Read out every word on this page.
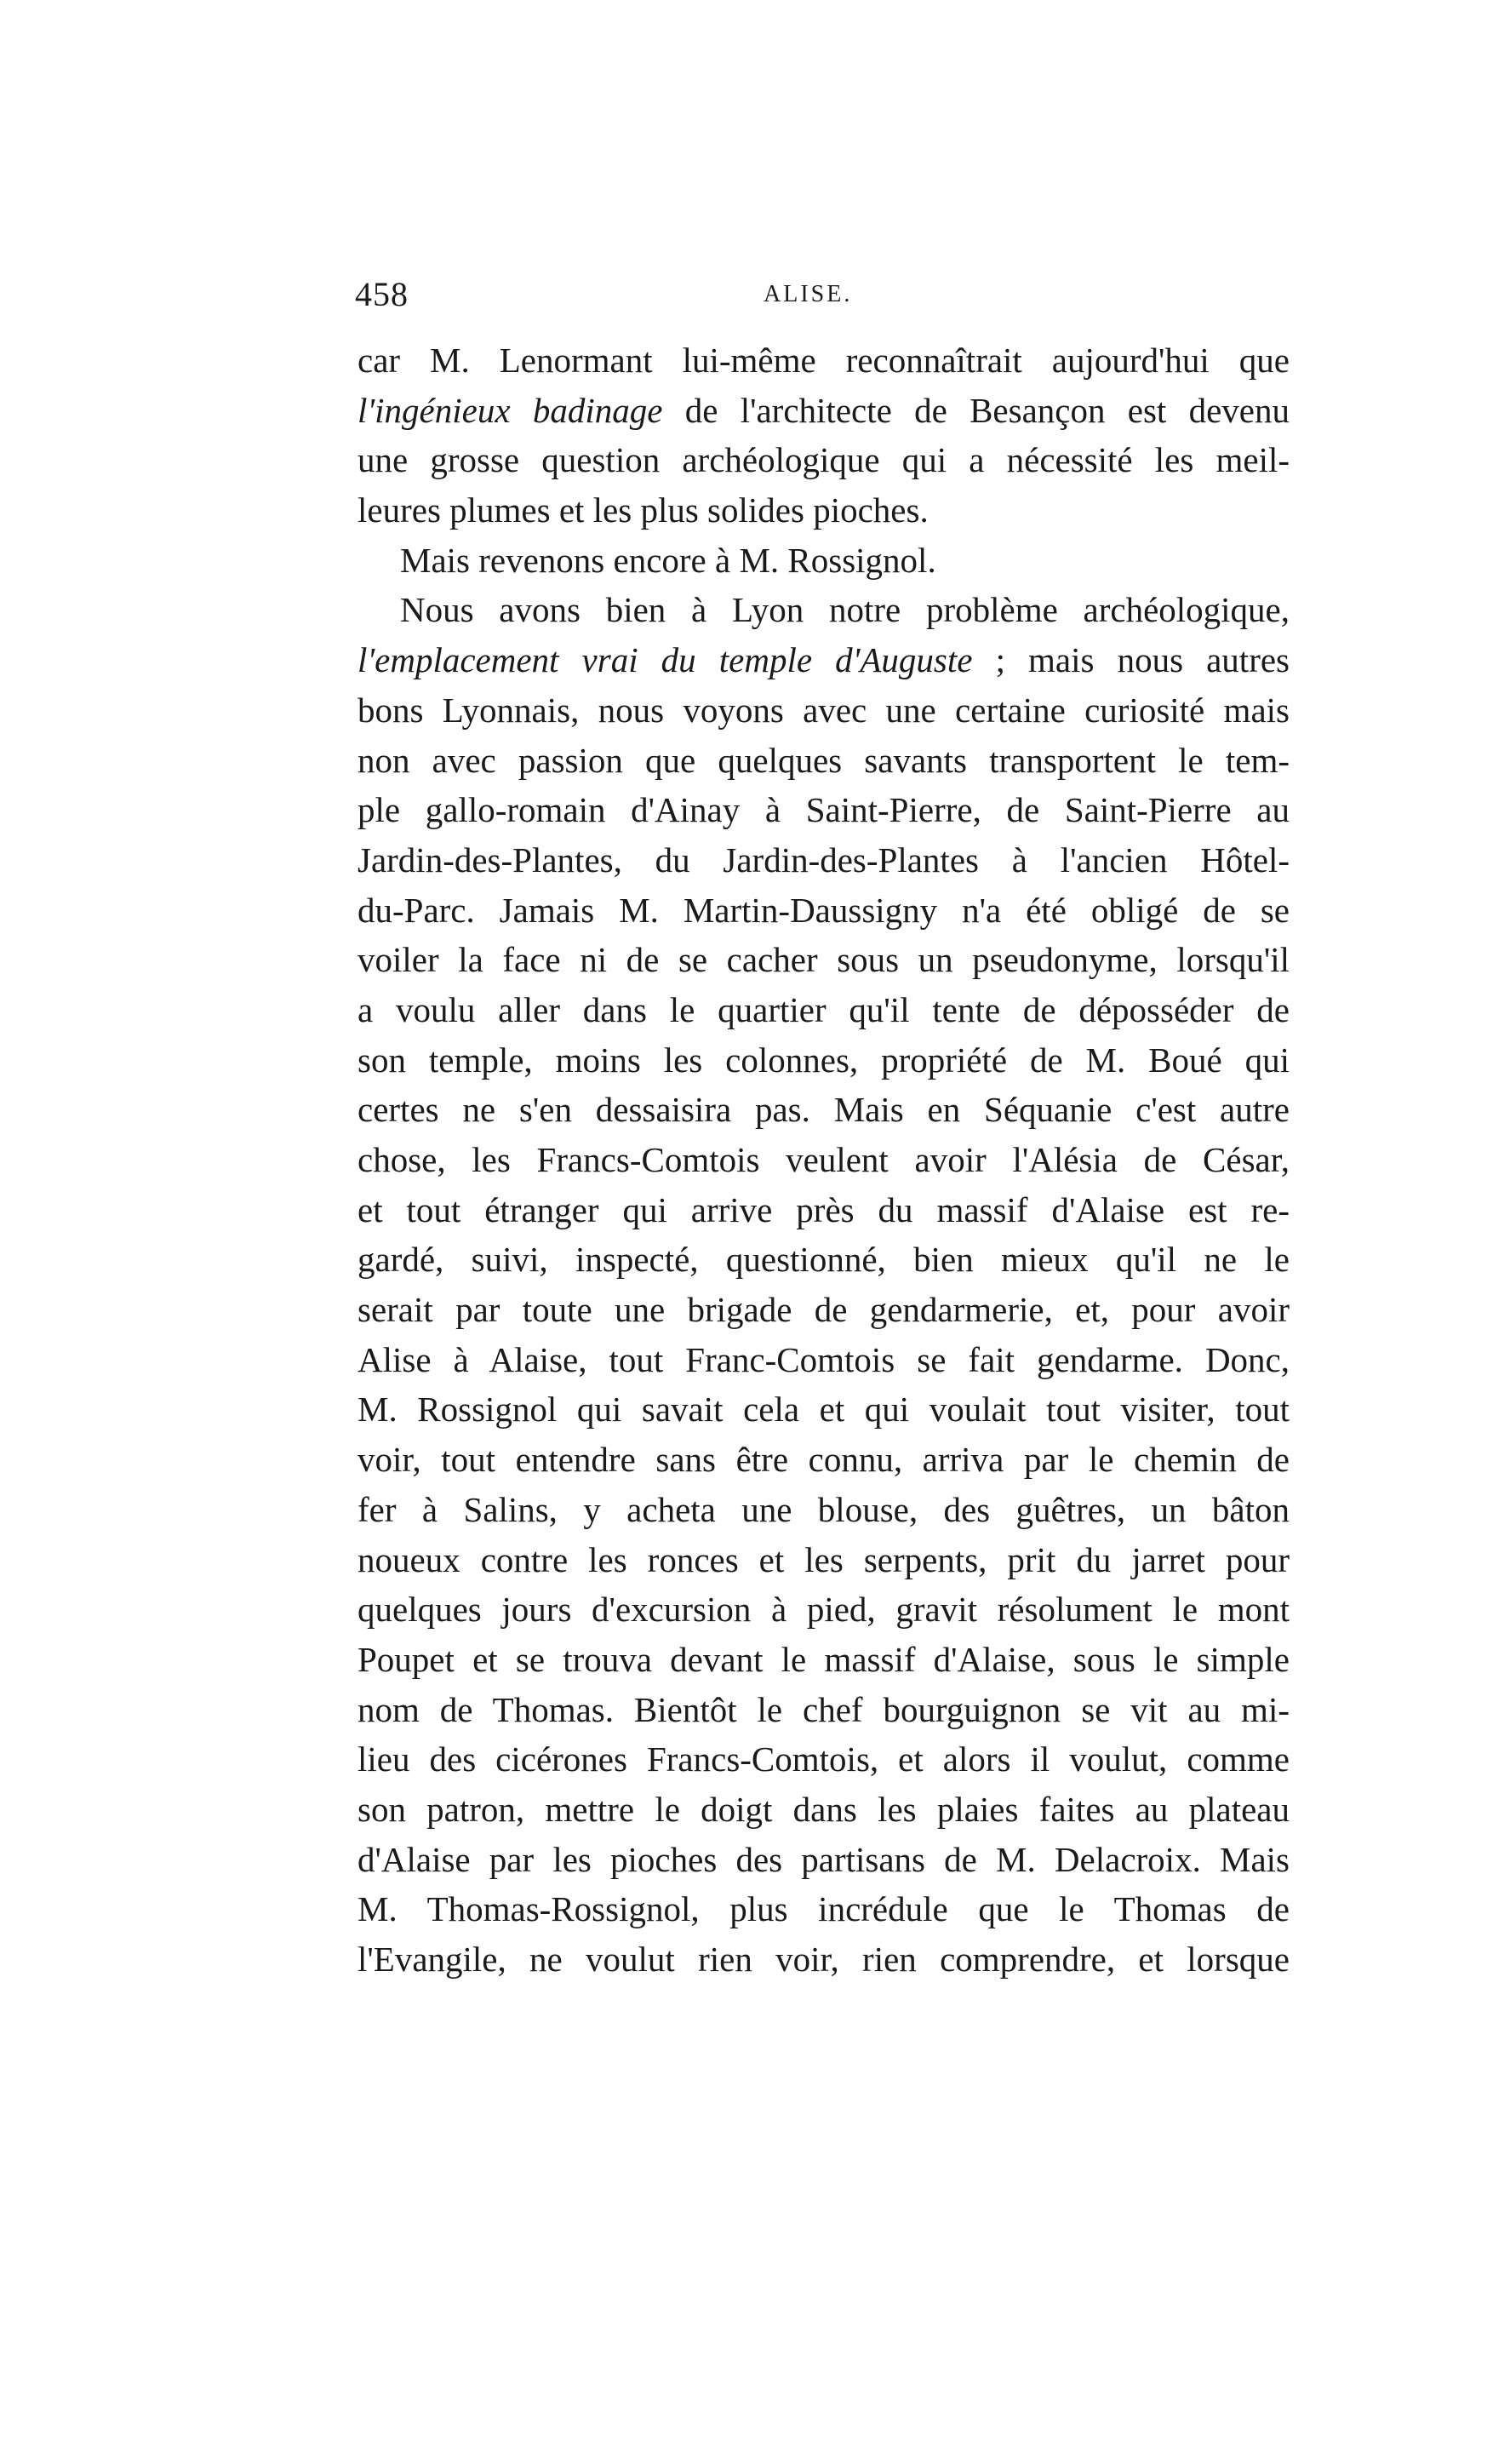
458	ALISE.
car M. Lenormant lui-même reconnaîtrait aujourd'hui que
l'ingénieux badinage de l'architecte de Besançon est devenu
une grosse question archéologique qui a nécessité les meil-
leures plumes et les plus solides pioches.
Mais revenons encore à M. Rossignol.
Nous avons bien à Lyon notre problème archéologique,
l'emplacement vrai du temple d'Auguste ; mais nous autres
bons Lyonnais, nous voyons avec une certaine curiosité mais
non avec passion que quelques savants transportent le tem-
ple gallo-romain d'Ainay à Saint-Pierre, de Saint-Pierre au
Jardin-des-Plantes, du Jardin-des-Plantes à l'ancien Hôtel-
du-Parc. Jamais M. Martin-Daussigny n'a été obligé de se
voiler la face ni de se cacher sous un pseudonyme, lorsqu'il
a voulu aller dans le quartier qu'il tente de déposséder de
son temple, moins les colonnes, propriété de M. Boué qui
certes ne s'en dessaisira pas. Mais en Séquanie c'est autre
chose, les Francs-Comtois veulent avoir l'Alésia de César,
et tout étranger qui arrive près du massif d'Alaise est re-
gardé, suivi, inspecté, questionné, bien mieux qu'il ne le
serait par toute une brigade de gendarmerie, et, pour avoir
Alise à Alaise, tout Franc-Comtois se fait gendarme. Donc,
M. Rossignol qui savait cela et qui voulait tout visiter, tout
voir, tout entendre sans être connu, arriva par le chemin de
fer à Salins, y acheta une blouse, des guêtres, un bâton
noueux contre les ronces et les serpents, prit du jarret pour
quelques jours d'excursion à pied, gravit résolument le mont
Poupet et se trouva devant le massif d'Alaise, sous le simple
nom de Thomas. Bientôt le chef bourguignon se vit au mi-
lieu des cicérones Francs-Comtois, et alors il voulut, comme
son patron, mettre le doigt dans les plaies faites au plateau
d'Alaise par les pioches des partisans de M. Delacroix. Mais
M. Thomas-Rossignol, plus incrédule que le Thomas de
l'Evangile, ne voulut rien voir, rien comprendre, et lorsque
